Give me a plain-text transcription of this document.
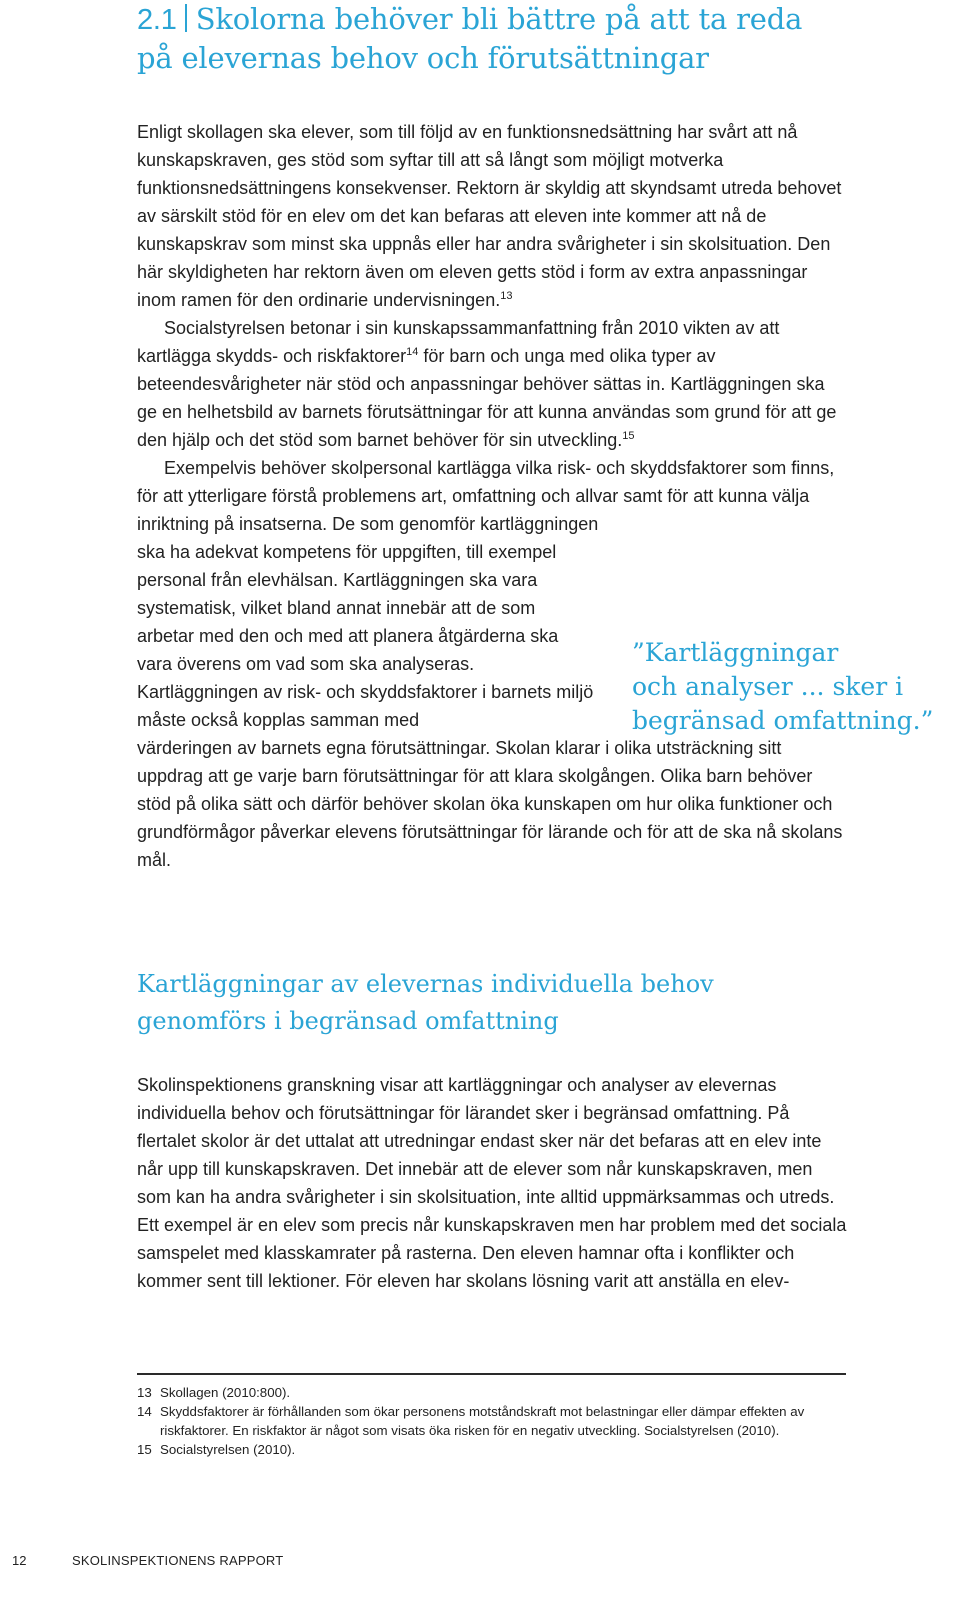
2.1 Skolorna behöver bli bättre på att ta reda
på elevernas behov och förutsättningar

Enligt skollagen ska elever, som till följd av en funktionsnedsättning har svårt att nå kunskapskraven, ges stöd som syftar till att så långt som möjligt motverka funktionsnedsättningens konsekvenser. Rektorn är skyldig att skyndsamt utreda behovet av särskilt stöd för en elev om det kan befaras att eleven inte kommer att nå de kunskapskrav som minst ska uppnås eller har andra svårigheter i sin skolsituation. Den här skyldigheten har rektorn även om eleven getts stöd i form av extra anpassningar inom ramen för den ordinarie undervisningen.$^{13}$

Socialstyrelsen betonar i sin kunskapssammanfattning från 2010 vikten av att kartlägga skydds- och riskfaktorer$^{14}$ för barn och unga med olika typer av beteendesvårigheter när stöd och anpassningar behöver sättas in. Kartläggningen ska ge en helhetsbild av barnets förutsättningar för att kunna användas som grund för att ge den hjälp och det stöd som barnet behöver för sin utveckling.$^{15}$

Exempelvis behöver skolpersonal kartlägga vilka risk- och skyddsfaktorer som finns, för att ytterligare förstå problemens art, omfattning och allvar samt för att kunna välja inriktning på insatserna. De som genomför kartläggningen

ska ha adekvat kompetens för uppgiften, till exempel personal från elevhälsan. Kartläggningen ska vara systematisk, vilket bland annat innebär att de som arbetar med den och med att planera åtgärderna ska vara överens om vad som ska analyseras. Kartläggningen av risk- och skyddsfaktorer i barnets miljö måste också kopplas samman med

värderingen av barnets egna förutsättningar. Skolan klarar i olika utsträckning sitt uppdrag att ge varje barn förutsättningar för att klara skolgången. Olika barn behöver stöd på olika sätt och därför behöver skolan öka kunskapen om hur olika funktioner och grundförmågor påverkar elevens förutsättningar för lärande och för att de ska nå skolans mål.

”Kartläggningar
och analyser ... sker i
begränsad omfattning.”
Kartläggningar av elevernas individuella behov
genomförs i begränsad omfattning

Skolinspektionens granskning visar att kartläggningar och analyser av elevernas individuella behov och förutsättningar för lärandet sker i begränsad omfattning. På flertalet skolor är det uttalat att utredningar endast sker när det befaras att en elev inte når upp till kunskapskraven. Det innebär att de elever som når kunskapskraven, men som kan ha andra svårigheter i sin skolsituation, inte alltid uppmärksammas och utreds. Ett exempel är en elev som precis når kunskapskraven men har problem med det sociala samspelet med klasskamrater på rasterna. Den eleven hamnar ofta i konflikter och kommer sent till lektioner. För eleven har skolans lösning varit att anställa en elev-

13 Skollagen (2010:800).
14 Skyddsfaktorer är förhållanden som ökar personens motståndskraft mot belastningar eller dämpar effekten av riskfaktorer. En riskfaktor är något som visats öka risken för en negativ utveckling. Socialstyrelsen (2010).
15 Socialstyrelsen (2010).
12	SKOLINSPEKTIONENS RAPPORT
